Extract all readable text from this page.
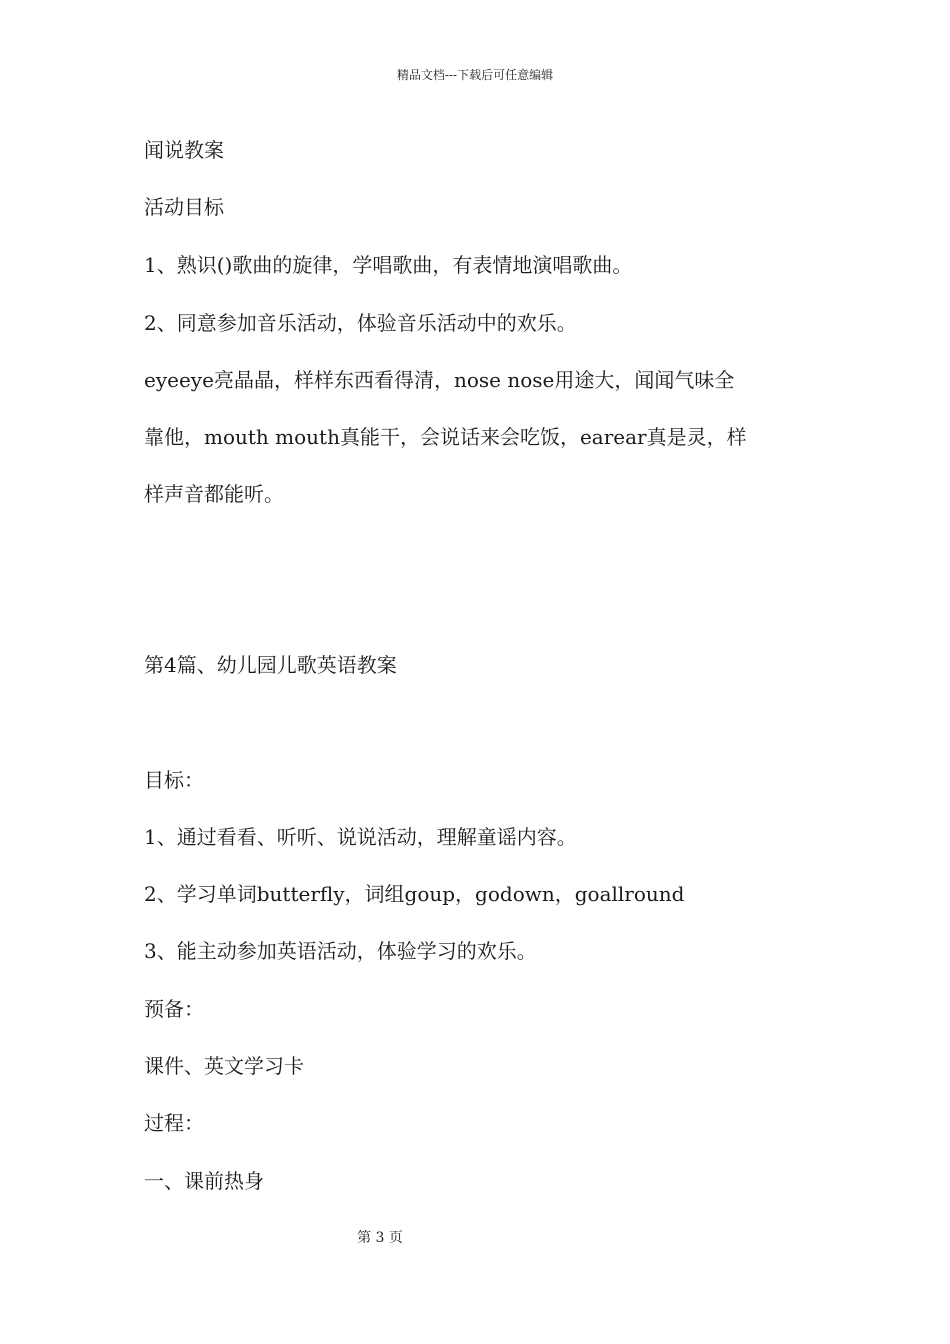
精品文档---下载后可任意编辑
闻说教案
活动目标
1、熟识()歌曲的旋律，学唱歌曲，有表情地演唱歌曲。
2、同意参加音乐活动，体验音乐活动中的欢乐。
eyeeye亮晶晶，样样东西看得清，nose nose用途大，闻闻气味全
靠他，mouth mouth真能干，会说话来会吃饭，earear真是灵，样
样声音都能听。
第4篇、幼儿园儿歌英语教案
目标：
1、通过看看、听听、说说活动，理解童谣内容。
2、学习单词butterfly，词组goup，godown，goallround
3、能主动参加英语活动，体验学习的欢乐。
预备：
课件、英文学习卡
过程：
一、课前热身
第 3 页
